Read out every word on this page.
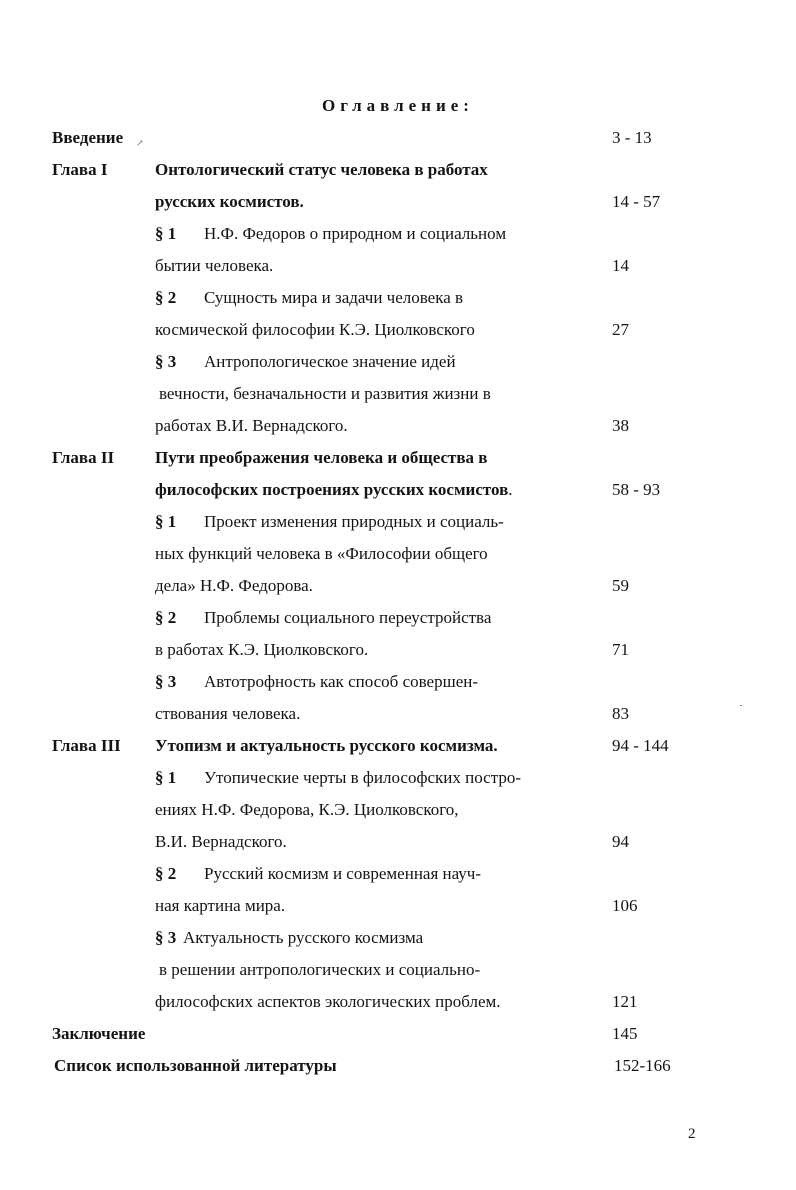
Оглавление:
Введение	3 - 13
↗
Глава I	Онтологический статус человека в работах
русских космистов.	14 - 57
§ 1 Н.Ф. Федоров о природном и социальном
бытии человека.	14
§ 2 Сущность мира и задачи человека в
космической философии К.Э. Циолковского	27
§ 3 Антропологическое значение идей
вечности, безначальности и развития жизни в
работах В.И. Вернадского.	38
Глава II Пути преображения человека и общества в
философских построениях русских космистов.	58 - 93
§ 1 Проект изменения природных и социаль-
ных функций человека в «Философии общего
дела» Н.Ф. Федорова.	59
§ 2 Проблемы социального переустройства
в работах К.Э. Циолковского.	71
§ 3 Автотрофность как способ совершен-
ствования человека.	83
Глава III Утопизм и актуальность русского космизма.	94 - 144
§ 1 Утопические черты в философских постро-
ениях Н.Ф. Федорова, К.Э. Циолковского,
В.И. Вернадского.	94
§ 2 Русский космизм и современная науч-
ная картина мира.	106
§ 3 Актуальность русского космизма
в решении антропологических и социально-
философских аспектов экологических проблем.	121
Заключение	145
Список использованной литературы	152-166
2
